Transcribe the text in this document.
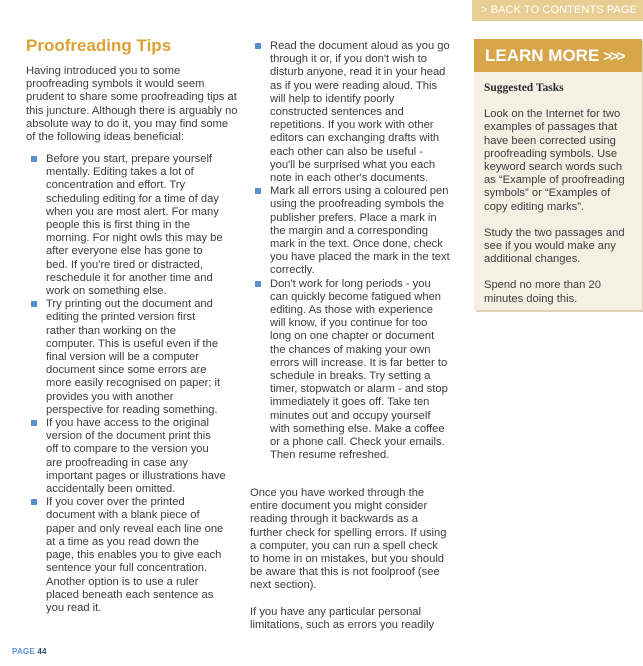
> BACK TO CONTENTS PAGE
Proofreading Tips
Having introduced you to some proofreading symbols it would seem prudent to share some proofreading tips at this juncture. Although there is arguably no absolute way to do it, you may find some of the following ideas beneficial:
Before you start, prepare yourself mentally. Editing takes a lot of concentration and effort. Try scheduling editing for a time of day when you are most alert. For many people this is first thing in the morning. For night owls this may be after everyone else has gone to bed. If you're tired or distracted, reschedule it for another time and work on something else.
Try printing out the document and editing the printed version first rather than working on the computer. This is useful even if the final version will be a computer document since some errors are more easily recognised on paper; it provides you with another perspective for reading something.
If you have access to the original version of the document print this off to compare to the version you are proofreading in case any important pages or illustrations have accidentally been omitted.
If you cover over the printed document with a blank piece of paper and only reveal each line one at a time as you read down the page, this enables you to give each sentence your full concentration. Another option is to use a ruler placed beneath each sentence as you read it.
Read the document aloud as you go through it or, if you don't wish to disturb anyone, read it in your head as if you were reading aloud. This will help to identify poorly constructed sentences and repetitions. If you work with other editors can exchanging drafts with each other can also be useful - you'll be surprised what you each note in each other's documents.
Mark all errors using a coloured pen using the proofreading symbols the publisher prefers. Place a mark in the margin and a corresponding mark in the text. Once done, check you have placed the mark in the text correctly.
Don't work for long periods - you can quickly become fatigued when editing. As those with experience will know, if you continue for too long on one chapter or document the chances of making your own errors will increase. It is far better to schedule in breaks. Try setting a timer, stopwatch or alarm - and stop immediately it goes off. Take ten minutes out and occupy yourself with something else. Make a coffee or a phone call. Check your emails. Then resume refreshed.

Once you have worked through the entire document you might consider reading through it backwards as a further check for spelling errors. If using a computer, you can run a spell check to home in on mistakes, but you should be aware that this is not foolproof (see next section).

If you have any particular personal limitations, such as errors you readily

LEARN MORE >>>

Suggested Tasks

Look on the Internet for two examples of passages that have been corrected using proofreading symbols. Use keyword search words such as “Example of proofreading symbols” or “Examples of copy editing marks”.

Study the two passages and see if you would make any additional changes.

Spend no more than 20 minutes doing this.

PAGE 44
